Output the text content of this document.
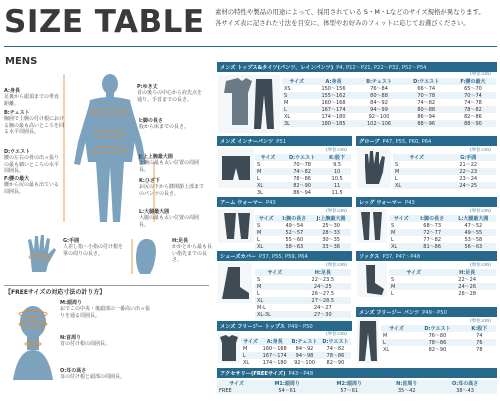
SIZE TABLE 素材の特性や製品の用途によって、採用されている S・M・Lなどのサイズ規格が異なります。
各サイズ表に記された寸法を目安に、体型やお好みのフィットに応じてお選びください。
MENS
A:身長
足裏から頭頂までの垂直距離。
B:チェスト
胸囲で上腕の付け根における胸の最も高いところを回る水平周囲長。
D:ウエスト
腰の左右の骨の出っ張りの最も細いところの水平周囲長。
F:腰の最大
腰から尻の最も出ている周囲長。
P:ゆき丈
首の後ろの中心から肩先点を通り、手首までの長さ。
I:脚の長さ
股から床までの長さ。
J:上上腕最大囲
上腕の最も太い位置の周囲長。
K:ひざ下
お尻の下から膝関節上部までのパンツの長さ。
L:大腿最大囲
大腿の最も太い位置の周囲長。
G:手囲
人差し指〜小指の付け根を掌の周りの長さ。
H:足長
かかとから最も長い指先までの長さ。
【FREEサイズの対応寸法の計り方】
M:頭周り
おでこの中央・後頭部の一番高い出っ張りを通る周囲長。
N:首周り
首の付け根の周囲長。
O:耳の高さ
耳の付け根と頭部の周囲長。
メンズ トップス&タイツ(パンツ、レインパンツ) P4, P12〜P21, P22〜P32, P52〜P54
(単位:cm)
サイズ	A:身長	B:チェスト	D:ウエスト	F:腰の最大
XS	150〜156	76〜84	66〜74	65〜70
S	155〜162	80〜88	70〜78	70〜74
M	160〜168	84〜92	74〜82	74〜78
L	167〜174	94〜99	80〜88	78〜82
XL	174〜180	92〜100	86〜94	82〜86
3L	180〜185	102〜106	88〜96	88〜90
メンズ インナーパンツ P51
(単位:cm)
サイズ	D:ウエスト	K:股下
S	70〜78	9.5
M	74〜82	10
L	78〜86	10.5
XL	82〜90	11
3L	86〜94	11.5
グローブ P47, P55, P60, P64
(単位:cm)
サイズ	G:手囲
S	21〜22
M	22〜23
L	23〜24
XL	24〜25
アーム ウォーマー P43
(単位:cm)
サイズ	I:腕の長さ	J:上腕最大囲
S	49〜54	25〜30
M	52〜57	28〜33
L	55〜60	30〜35
XL	58〜63	33〜38
レッグ ウォーマー P43
(単位:cm)
サイズ	I:脚の長さ	L:大腿最大囲
S	68〜73	47〜52
M	72〜77	49〜55
L	77〜82	53〜58
XL	81〜86	56〜63
シューズカバー P37, P55, P59, P64
(単位:cm)
サイズ	H:足長
S	22〜23.5
M	24〜25
L	26〜27.5
XL	27〜28.5
M-L	24〜27
XL-3L	27〜30
ソックス P37, P47〜P48
(単位:cm)
サイズ	H:足長
S	22〜24
M	24〜26
L	26〜28
メンズ フリージー トップス P49〜P50
(単位:cm)
サイズ	A:身長	B:チェスト	D:ウエスト
M	160〜168	84〜92	74〜82
L	167〜174	94〜98	78〜86
XL	174〜180	92〜100	82〜90
メンズ フリージー パンツ P49〜P50
(単位:cm)
サイズ	D:ウエスト	K:股下
M	76〜80	74
L	78〜86	76
XL	82〜90	78
アクセサリー(FREEサイズ) P43〜P48
サイズ	M1:頭周り	M2:頭周り	N:首周り	O:耳の高さ
FREE	54〜61	57〜61	35〜42	38〜43
